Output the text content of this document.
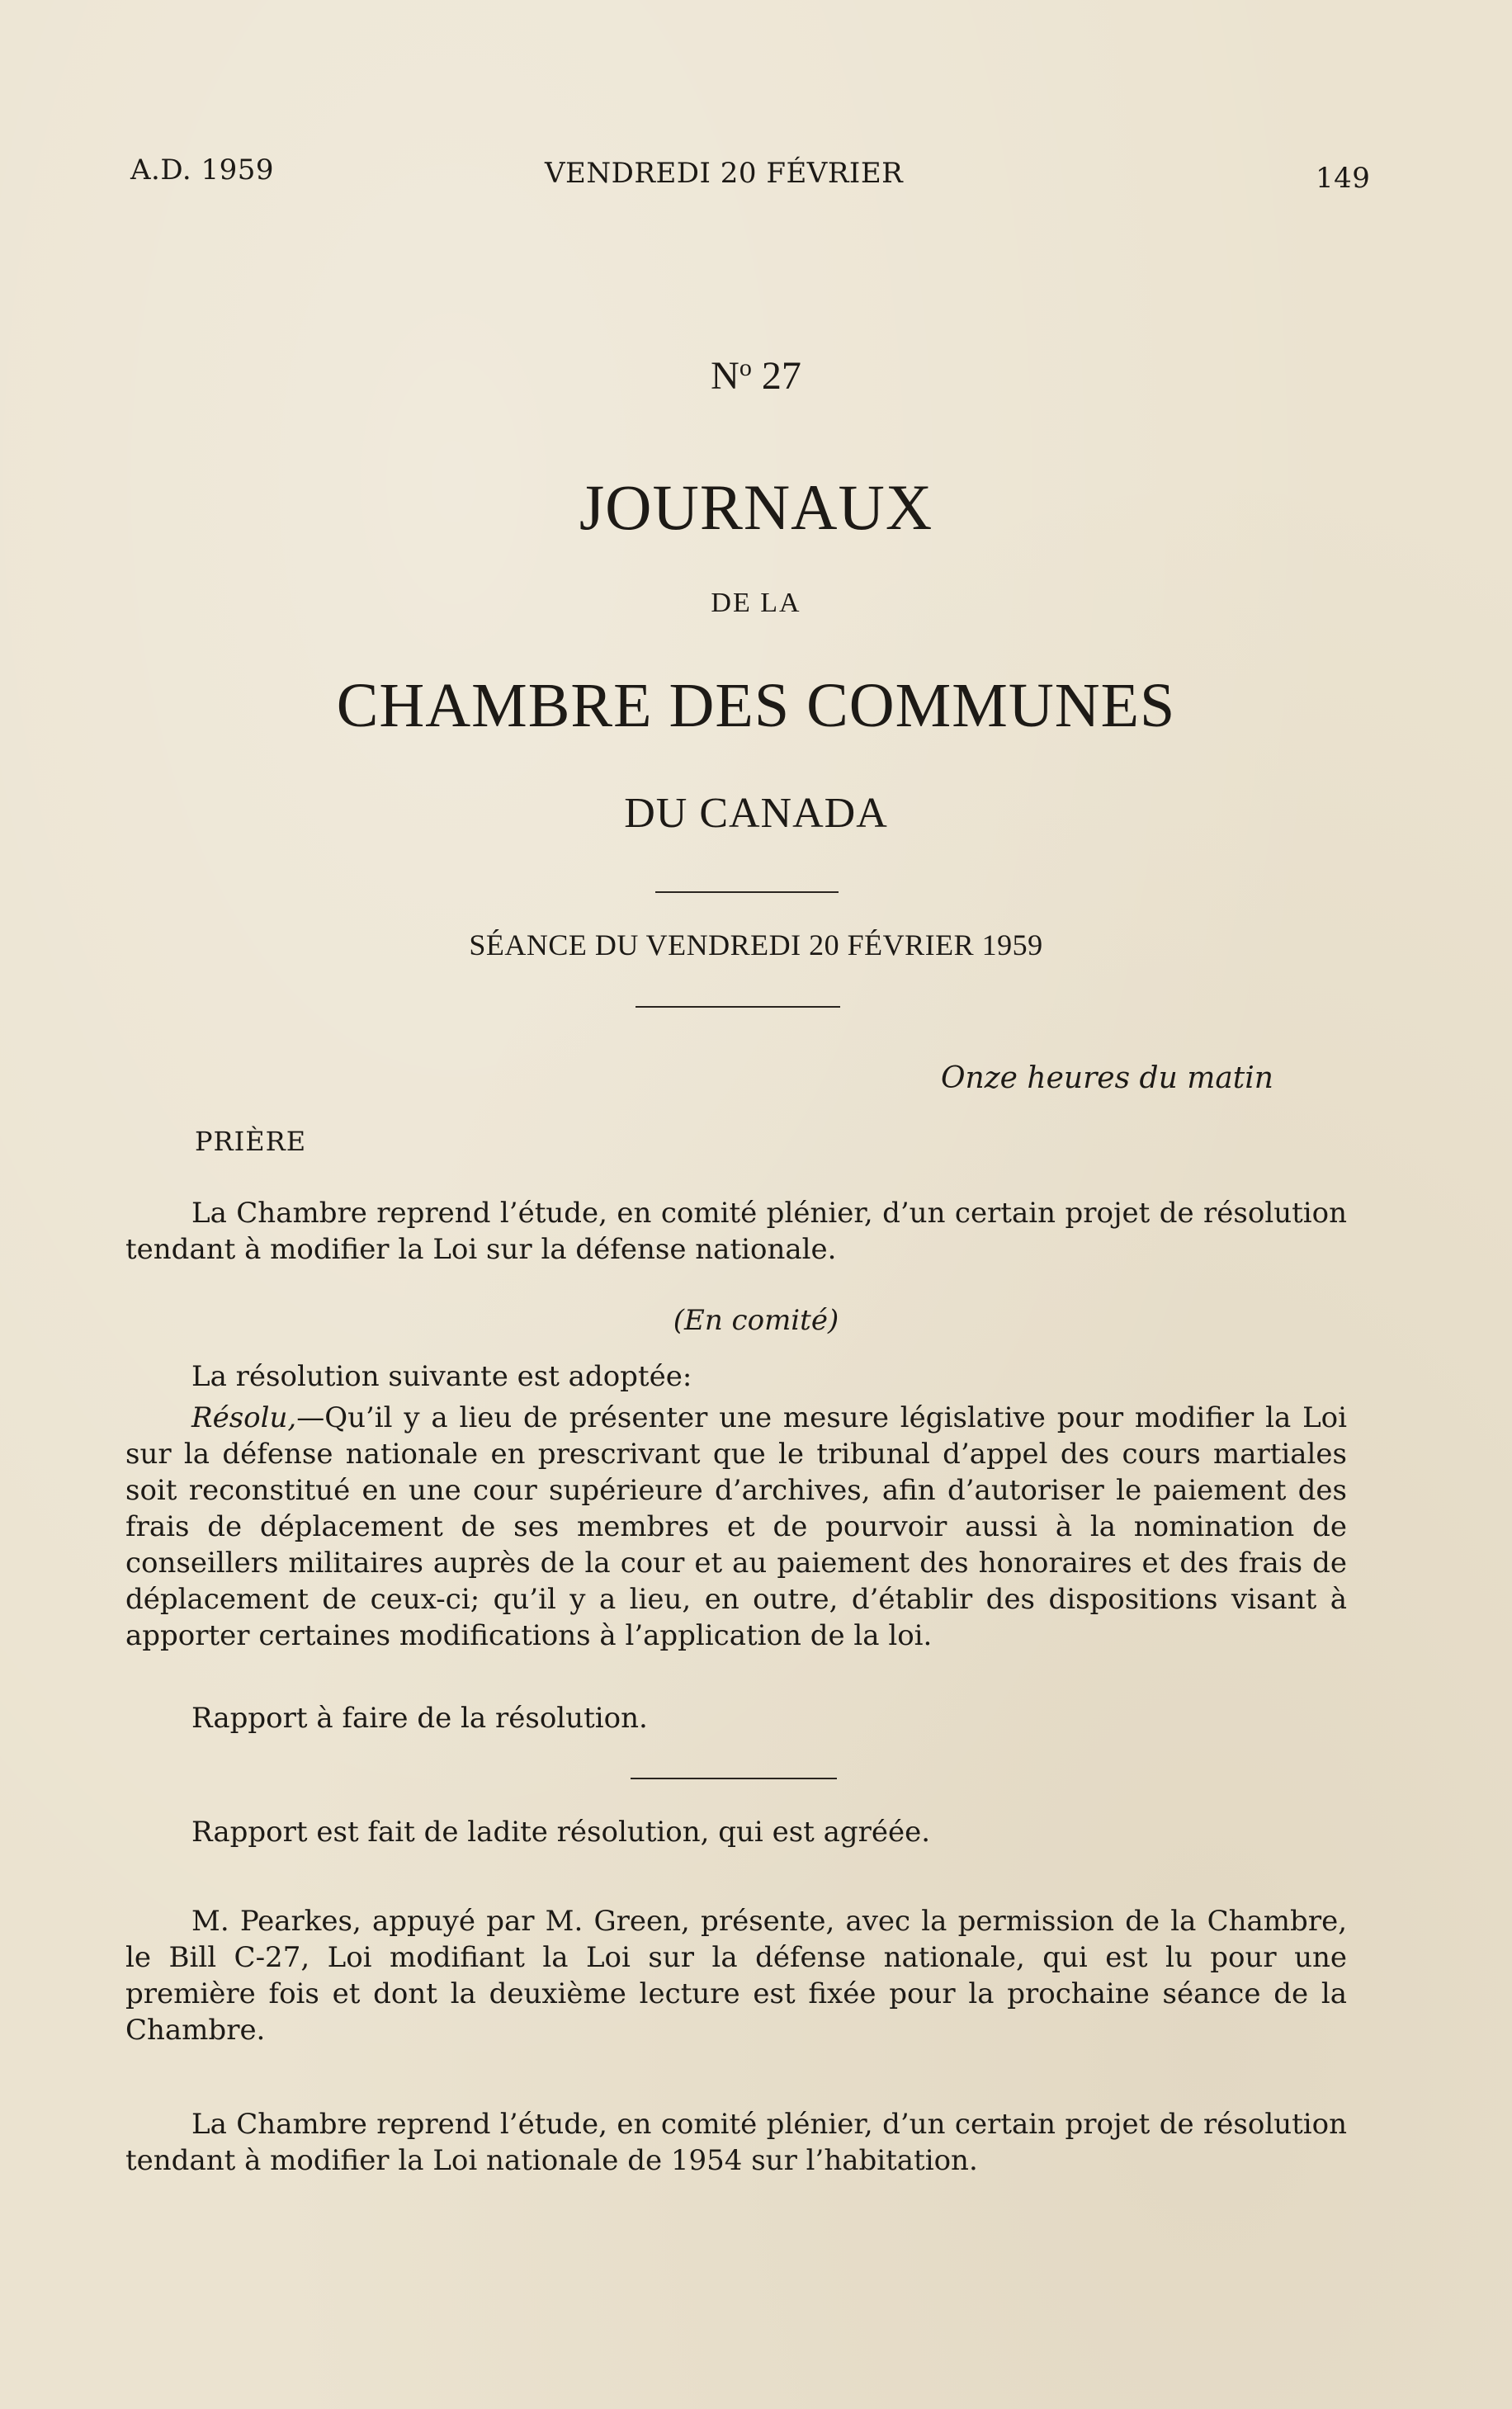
A.D. 1959	VENDREDI 20 FÉVRIER	149
$N^o$ 27
JOURNAUX
DE LA
CHAMBRE DES COMMUNES
DU CANADA
SÉANCE DU VENDREDI 20 FÉVRIER 1959
Onze heures du matin
PRIÈRE
La Chambre reprend l’étude, en comité plénier, d’un certain projet de résolution tendant à modifier la Loi sur la défense nationale.
(En comité)
La résolution suivante est adoptée:
Résolu,—Qu’il y a lieu de présenter une mesure législative pour modifier la Loi sur la défense nationale en prescrivant que le tribunal d’appel des cours martiales soit reconstitué en une cour supérieure d’archives, afin d’autoriser le paiement des frais de déplacement de ses membres et de pourvoir aussi à la nomination de conseillers militaires auprès de la cour et au paiement des honoraires et des frais de déplacement de ceux-ci; qu’il y a lieu, en outre, d’établir des dispositions visant à apporter certaines modifications à l’application de la loi.
Rapport à faire de la résolution.
Rapport est fait de ladite résolution, qui est agréée.
M. Pearkes, appuyé par M. Green, présente, avec la permission de la Chambre, le Bill C-27, Loi modifiant la Loi sur la défense nationale, qui est lu pour une première fois et dont la deuxième lecture est fixée pour la prochaine séance de la Chambre.
La Chambre reprend l’étude, en comité plénier, d’un certain projet de résolution tendant à modifier la Loi nationale de 1954 sur l’habitation.
